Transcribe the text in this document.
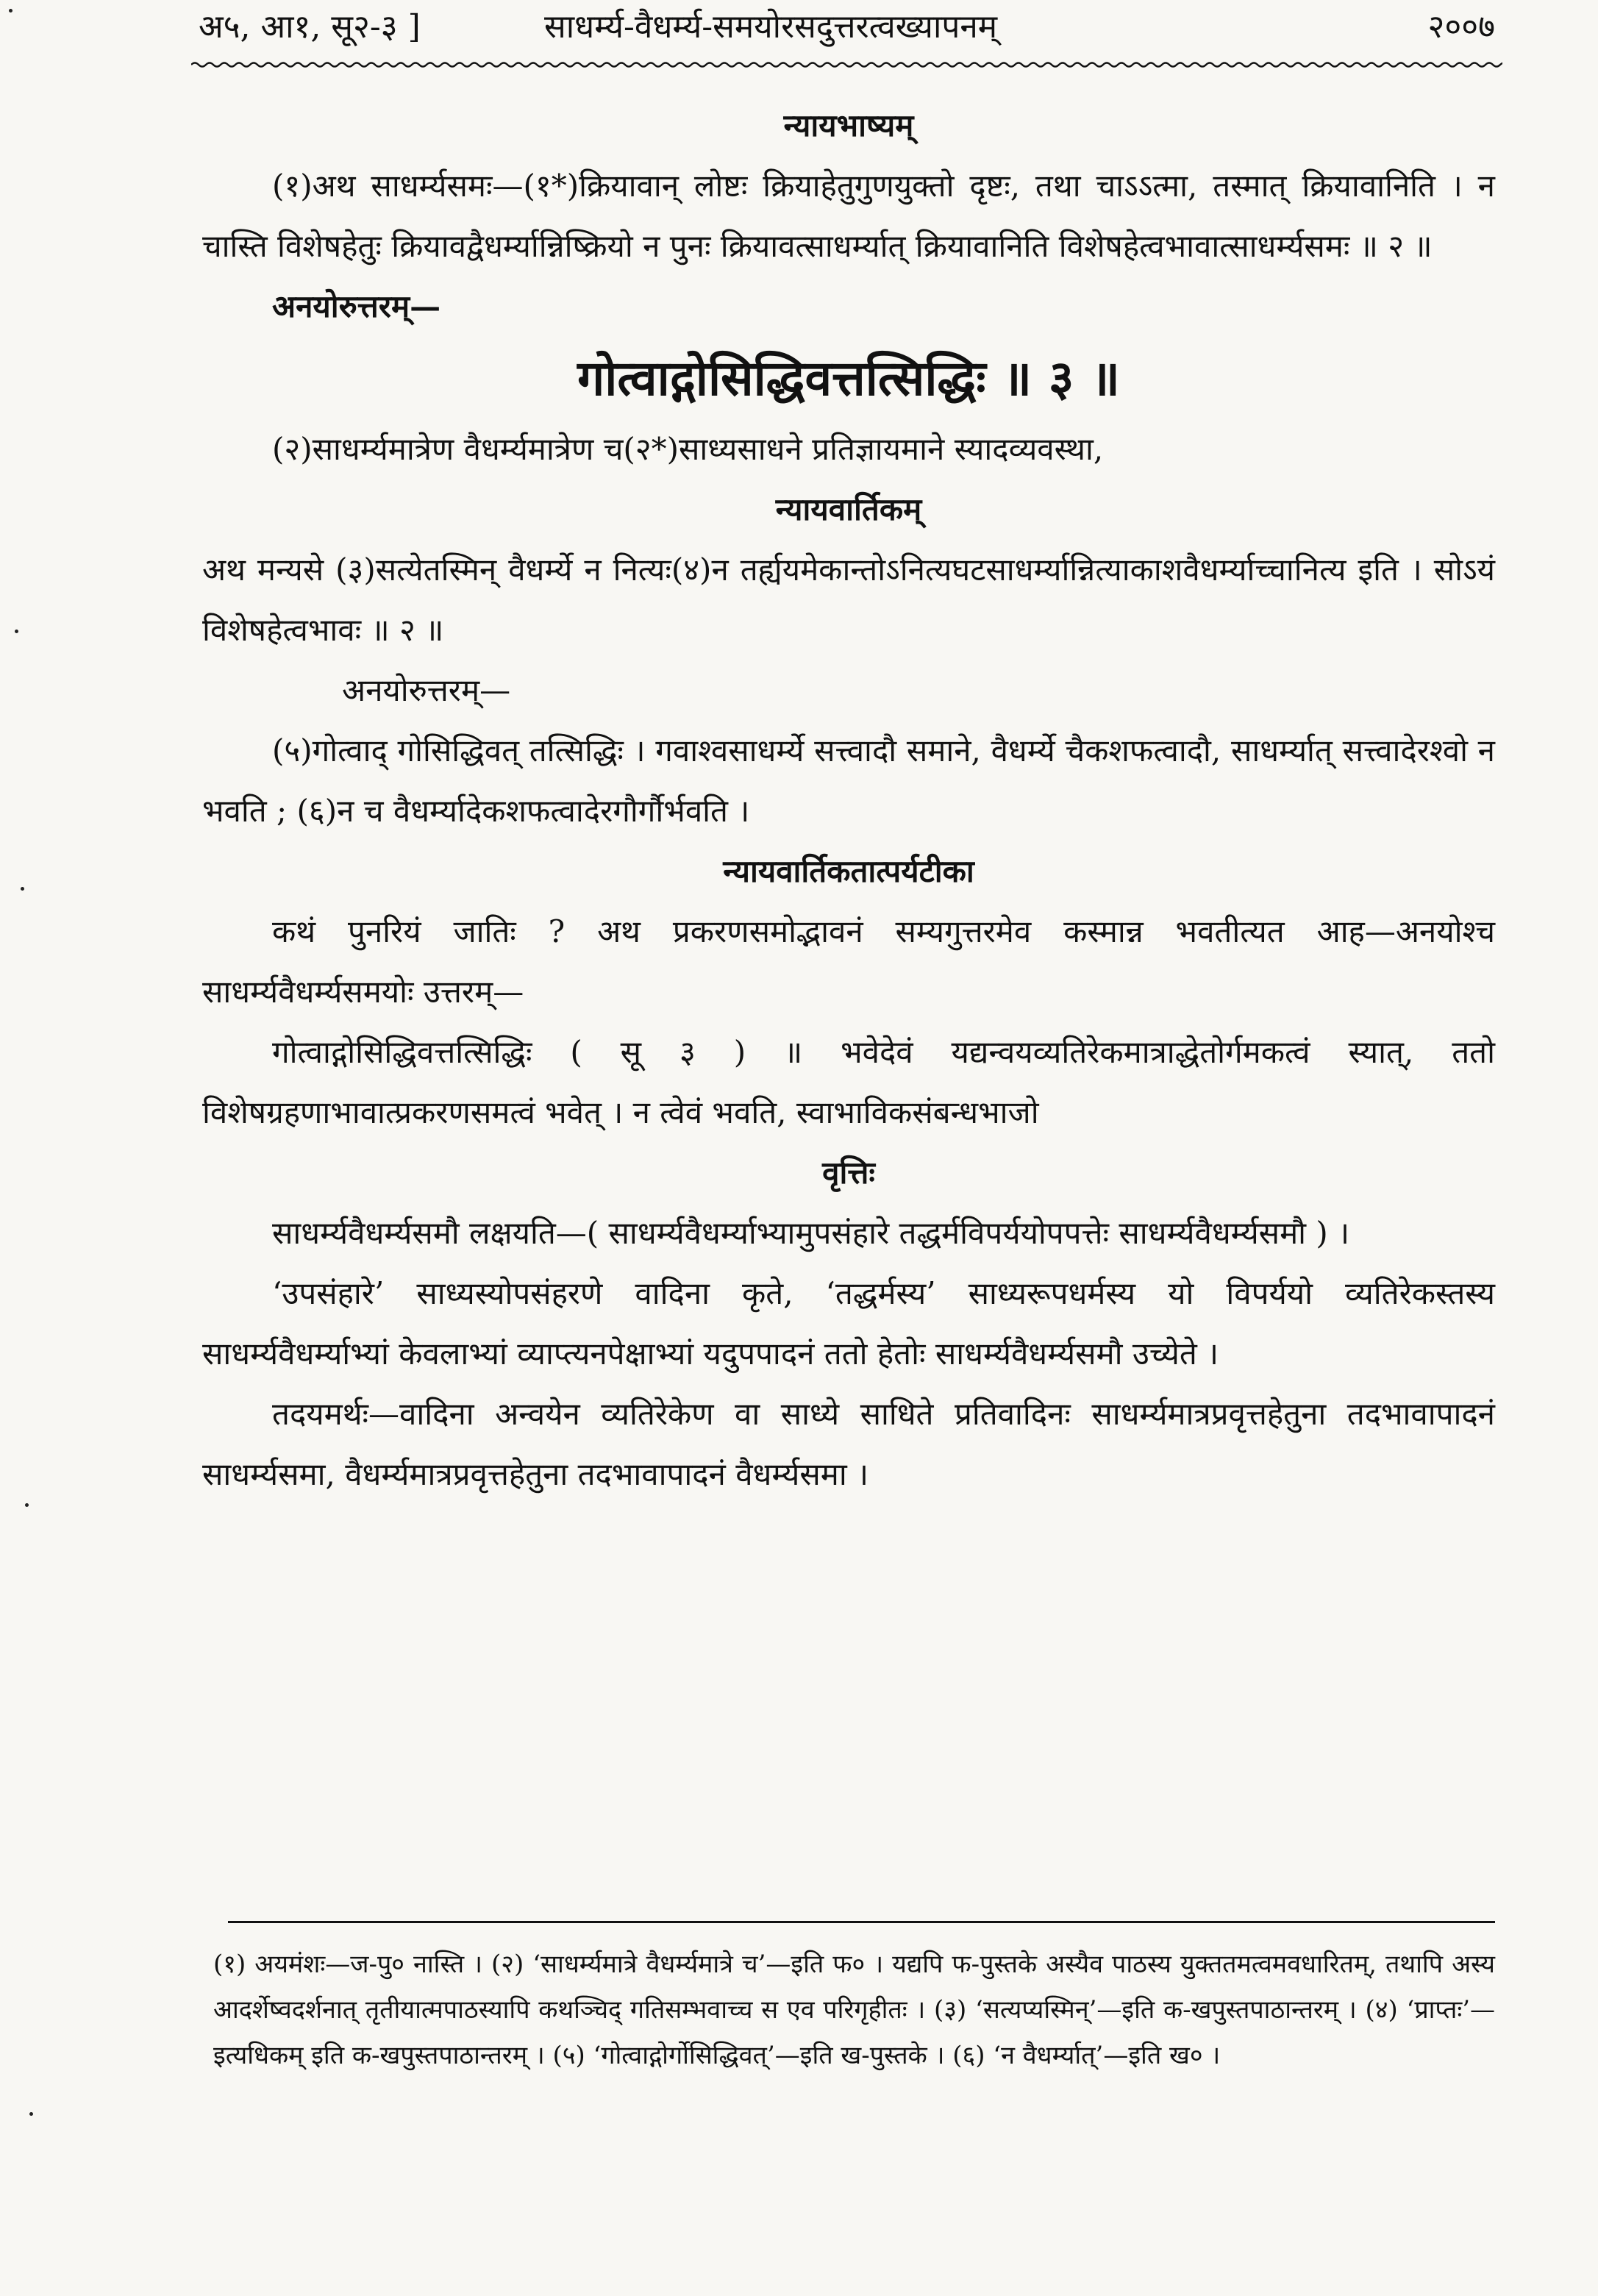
अ५, आ१, सू२-३ ]	साधर्म्य-वैधर्म्य-समयोरसदुत्तरत्वख्यापनम्	२००७

न्यायभाष्यम्

(१)अथ साधर्म्यसमः—(१*)क्रियावान् लोष्टः क्रियाहेतुगुणयुक्तो दृष्टः, तथा चाऽऽत्मा, तस्मात् क्रियावानिति । न चास्ति विशेषहेतुः क्रियावद्वैधर्म्यान्निष्क्रियो न पुनः क्रियावत्साधर्म्यात् क्रियावानिति विशेषहेत्वभावात्साधर्म्यसमः ॥ २ ॥

अनयोरुत्तरम्—

गोत्वाद्गोसिद्धिवत्तत्सिद्धिः ॥ ३ ॥

(२)साधर्म्यमात्रेण वैधर्म्यमात्रेण च(२*)साध्यसाधने प्रतिज्ञायमाने स्यादव्यवस्था,

न्यायवार्तिकम्

अथ मन्यसे (३)सत्येतस्मिन् वैधर्म्ये न नित्यः(४)न तर्ह्ययमेकान्तोऽनित्यघटसाधर्म्यान्नित्याकाशवैधर्म्याच्चानित्य इति । सोऽयं विशेषहेत्वभावः ॥ २ ॥

अनयोरुत्तरम्—

(५)गोत्वाद् गोसिद्धिवत् तत्सिद्धिः । गवाश्वसाधर्म्ये सत्त्वादौ समाने, वैधर्म्ये चैकशफत्वादौ, साधर्म्यात् सत्त्वादेरश्वो न भवति ; (६)न च वैधर्म्यादेकशफत्वादेरगौर्गौर्भवति ।

न्यायवार्तिकतात्पर्यटीका

कथं पुनरियं जातिः ? अथ प्रकरणसमोद्भावनं सम्यगुत्तरमेव कस्मान्न भवतीत्यत आह—अनयोश्च साधर्म्यवैधर्म्यसमयोः उत्तरम्—

गोत्वाद्गोसिद्धिवत्तत्सिद्धिः ( सू ३ ) ॥ भवेदेवं यद्यन्वयव्यतिरेकमात्राद्धेतोर्गमकत्वं स्यात्, ततो विशेषग्रहणाभावात्प्रकरणसमत्वं भवेत् । न त्वेवं भवति, स्वाभाविकसंबन्धभाजो

वृत्तिः

साधर्म्यवैधर्म्यसमौ लक्षयति—( साधर्म्यवैधर्म्याभ्यामुपसंहारे तद्धर्मविपर्ययोपपत्तेः साधर्म्यवैधर्म्यसमौ ) ।

‘उपसंहारे’ साध्यस्योपसंहरणे वादिना कृते, ‘तद्धर्मस्य’ साध्यरूपधर्मस्य यो विपर्ययो व्यतिरेकस्तस्य साधर्म्यवैधर्म्याभ्यां केवलाभ्यां व्याप्त्यनपेक्षाभ्यां यदुपपादनं ततो हेतोः साधर्म्यवैधर्म्यसमौ उच्येते ।

तदयमर्थः—वादिना अन्वयेन व्यतिरेकेण वा साध्ये साधिते प्रतिवादिनः साधर्म्यमात्रप्रवृत्तहेतुना तदभावापादनं साधर्म्यसमा, वैधर्म्यमात्रप्रवृत्तहेतुना तदभावापादनं वैधर्म्यसमा ।

(१) अयमंशः—ज-पु० नास्ति । (२) ‘साधर्म्यमात्रे वैधर्म्यमात्रे च’—इति फ० । यद्यपि फ-पुस्तके अस्यैव पाठस्य युक्ततमत्वमवधारितम्, तथापि अस्य आदर्शेष्वदर्शनात् तृतीयात्मपाठस्यापि कथञ्चिद् गतिसम्भवाच्च स एव परिगृहीतः । (३) ‘सत्यप्यस्मिन्’—इति क-खपुस्तपाठान्तरम् । (४) ‘प्राप्तः’—इत्यधिकम् इति क-खपुस्तपाठान्तरम् । (५) ‘गोत्वाद्गोर्गोसिद्धिवत्’—इति ख-पुस्तके । (६) ‘न वैधर्म्यात्’—इति ख० ।
